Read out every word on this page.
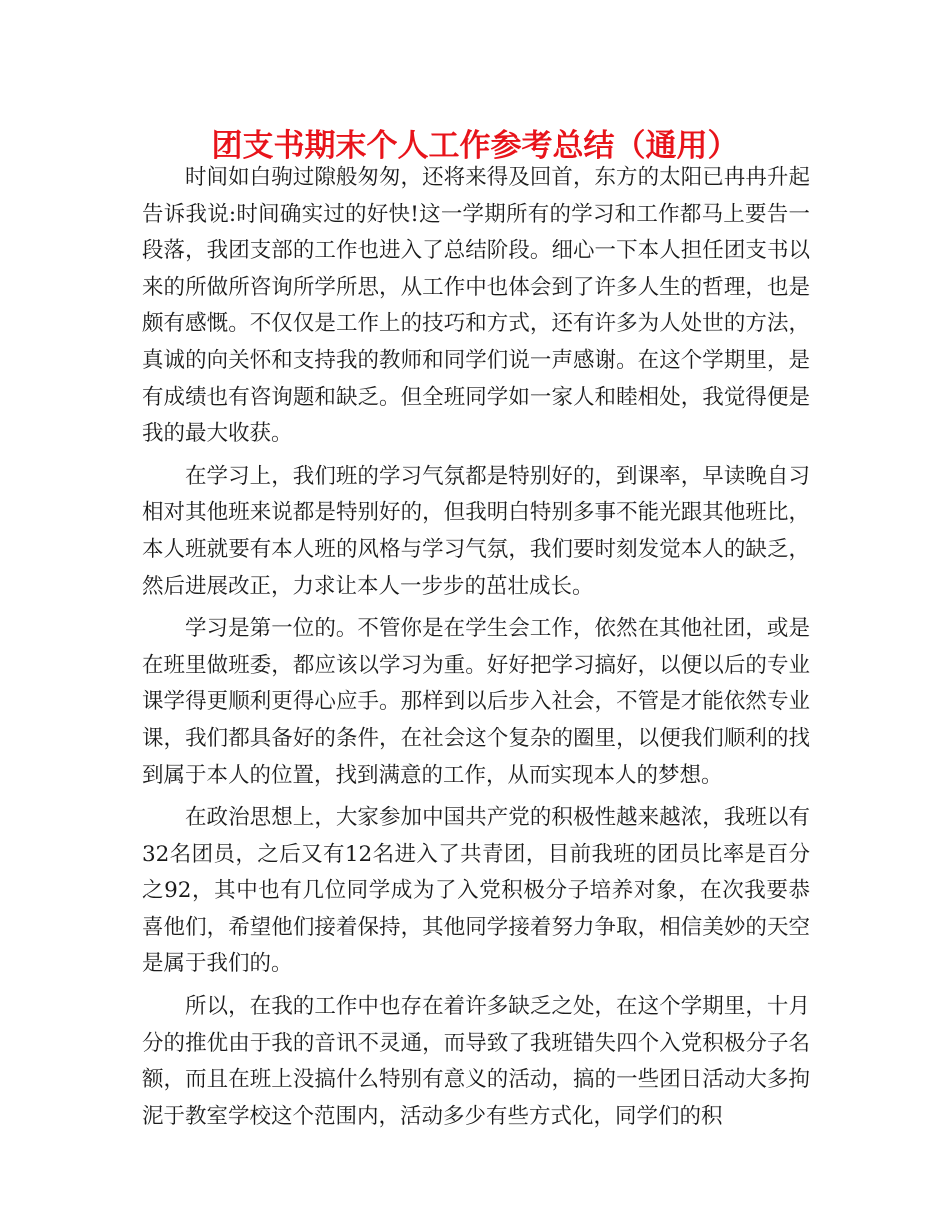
团支书期末个人工作参考总结（通用）

时间如白驹过隙般匆匆，还将来得及回首，东方的太阳已冉冉升起告诉我说:时间确实过的好快!这一学期所有的学习和工作都马上要告一段落，我团支部的工作也进入了总结阶段。细心一下本人担任团支书以来的所做所咨询所学所思，从工作中也体会到了许多人生的哲理，也是颇有感慨。不仅仅是工作上的技巧和方式，还有许多为人处世的方法，真诚的向关怀和支持我的教师和同学们说一声感谢。在这个学期里，是有成绩也有咨询题和缺乏。但全班同学如一家人和睦相处，我觉得便是我的最大收获。

在学习上，我们班的学习气氛都是特别好的，到课率，早读晚自习相对其他班来说都是特别好的，但我明白特别多事不能光跟其他班比，本人班就要有本人班的风格与学习气氛，我们要时刻发觉本人的缺乏，然后进展改正，力求让本人一步步的茁壮成长。

学习是第一位的。不管你是在学生会工作，依然在其他社团，或是在班里做班委，都应该以学习为重。好好把学习搞好，以便以后的专业课学得更顺利更得心应手。那样到以后步入社会，不管是才能依然专业课，我们都具备好的条件，在社会这个复杂的圈里，以便我们顺利的找到属于本人的位置，找到满意的工作，从而实现本人的梦想。

在政治思想上，大家参加中国共产党的积极性越来越浓，我班以有32名团员，之后又有12名进入了共青团，目前我班的团员比率是百分之92，其中也有几位同学成为了入党积极分子培养对象，在次我要恭喜他们，希望他们接着保持，其他同学接着努力争取，相信美妙的天空是属于我们的。

所以，在我的工作中也存在着许多缺乏之处，在这个学期里，十月分的推优由于我的音讯不灵通，而导致了我班错失四个入党积极分子名额，而且在班上没搞什么特别有意义的活动，搞的一些团日活动大多拘泥于教室学校这个范围内，活动多少有些方式化，同学们的积
